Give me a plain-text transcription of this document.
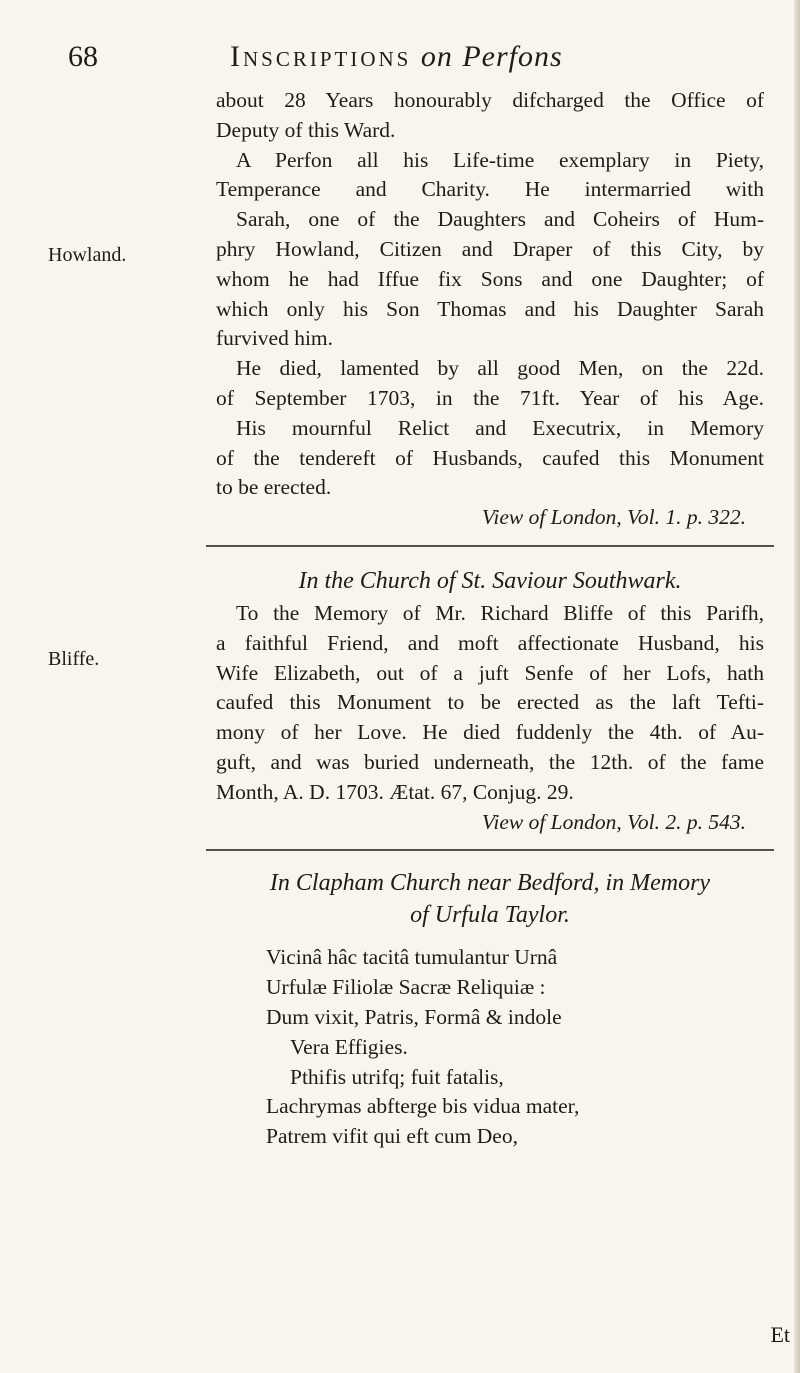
68	Inscriptions on Perfons
Howland.
Bliffe.
about 28 Years honourably difcharged the Office of
Deputy of this Ward.
A Perfon all his Life-time exemplary in Piety,
Temperance and Charity. He intermarried with
Sarah, one of the Daughters and Coheirs of Hum-
phry Howland, Citizen and Draper of this City, by
whom he had Iffue fix Sons and one Daughter; of
which only his Son Thomas and his Daughter Sarah
furvived him.
He died, lamented by all good Men, on the 22d.
of September 1703, in the 71ft. Year of his Age.
His mournful Relict and Executrix, in Memory
of the tendereft of Husbands, caufed this Monument
to be erected.
View of London, Vol. 1. p. 322.
In the Church of St. Saviour Southwark.
To the Memory of Mr. Richard Bliffe of this Parifh,
a faithful Friend, and moft affectionate Husband, his
Wife Elizabeth, out of a juft Senfe of her Lofs, hath
caufed this Monument to be erected as the laft Tefti-
mony of her Love. He died fuddenly the 4th. of Au-
guft, and was buried underneath, the 12th. of the fame
Month, A. D. 1703. Ætat. 67, Conjug. 29.
View of London, Vol. 2. p. 543.
In Clapham Church near Bedford, in Memory
of Urfula Taylor.
Vicinâ hâc tacitâ tumulantur Urnâ
Urfulæ Filiolæ Sacræ Reliquiæ :
Dum vixit, Patris, Formâ & indole
Vera Effigies.
Pthifis utrifq; fuit fatalis,
Lachrymas abfterge bis vidua mater,
Patrem vifit qui eft cum Deo,
Et
